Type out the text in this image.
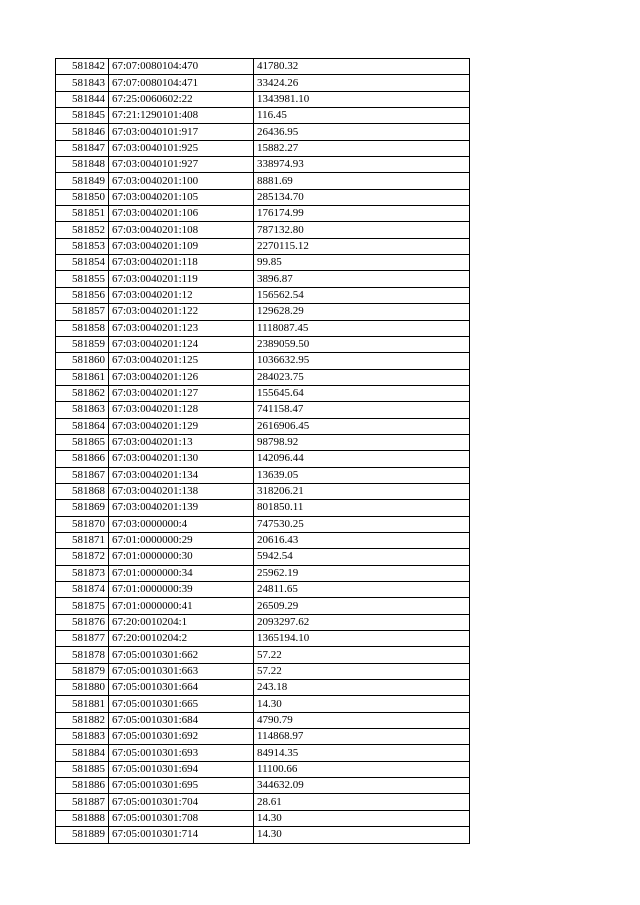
581842	67:07:0080104:470	41780.32
581843	67:07:0080104:471	33424.26
581844	67:25:0060602:22	1343981.10
581845	67:21:1290101:408	116.45
581846	67:03:0040101:917	26436.95
581847	67:03:0040101:925	15882.27
581848	67:03:0040101:927	338974.93
581849	67:03:0040201:100	8881.69
581850	67:03:0040201:105	285134.70
581851	67:03:0040201:106	176174.99
581852	67:03:0040201:108	787132.80
581853	67:03:0040201:109	2270115.12
581854	67:03:0040201:118	99.85
581855	67:03:0040201:119	3896.87
581856	67:03:0040201:12	156562.54
581857	67:03:0040201:122	129628.29
581858	67:03:0040201:123	1118087.45
581859	67:03:0040201:124	2389059.50
581860	67:03:0040201:125	1036632.95
581861	67:03:0040201:126	284023.75
581862	67:03:0040201:127	155645.64
581863	67:03:0040201:128	741158.47
581864	67:03:0040201:129	2616906.45
581865	67:03:0040201:13	98798.92
581866	67:03:0040201:130	142096.44
581867	67:03:0040201:134	13639.05
581868	67:03:0040201:138	318206.21
581869	67:03:0040201:139	801850.11
581870	67:03:0000000:4	747530.25
581871	67:01:0000000:29	20616.43
581872	67:01:0000000:30	5942.54
581873	67:01:0000000:34	25962.19
581874	67:01:0000000:39	24811.65
581875	67:01:0000000:41	26509.29
581876	67:20:0010204:1	2093297.62
581877	67:20:0010204:2	1365194.10
581878	67:05:0010301:662	57.22
581879	67:05:0010301:663	57.22
581880	67:05:0010301:664	243.18
581881	67:05:0010301:665	14.30
581882	67:05:0010301:684	4790.79
581883	67:05:0010301:692	114868.97
581884	67:05:0010301:693	84914.35
581885	67:05:0010301:694	11100.66
581886	67:05:0010301:695	344632.09
581887	67:05:0010301:704	28.61
581888	67:05:0010301:708	14.30
581889	67:05:0010301:714	14.30
